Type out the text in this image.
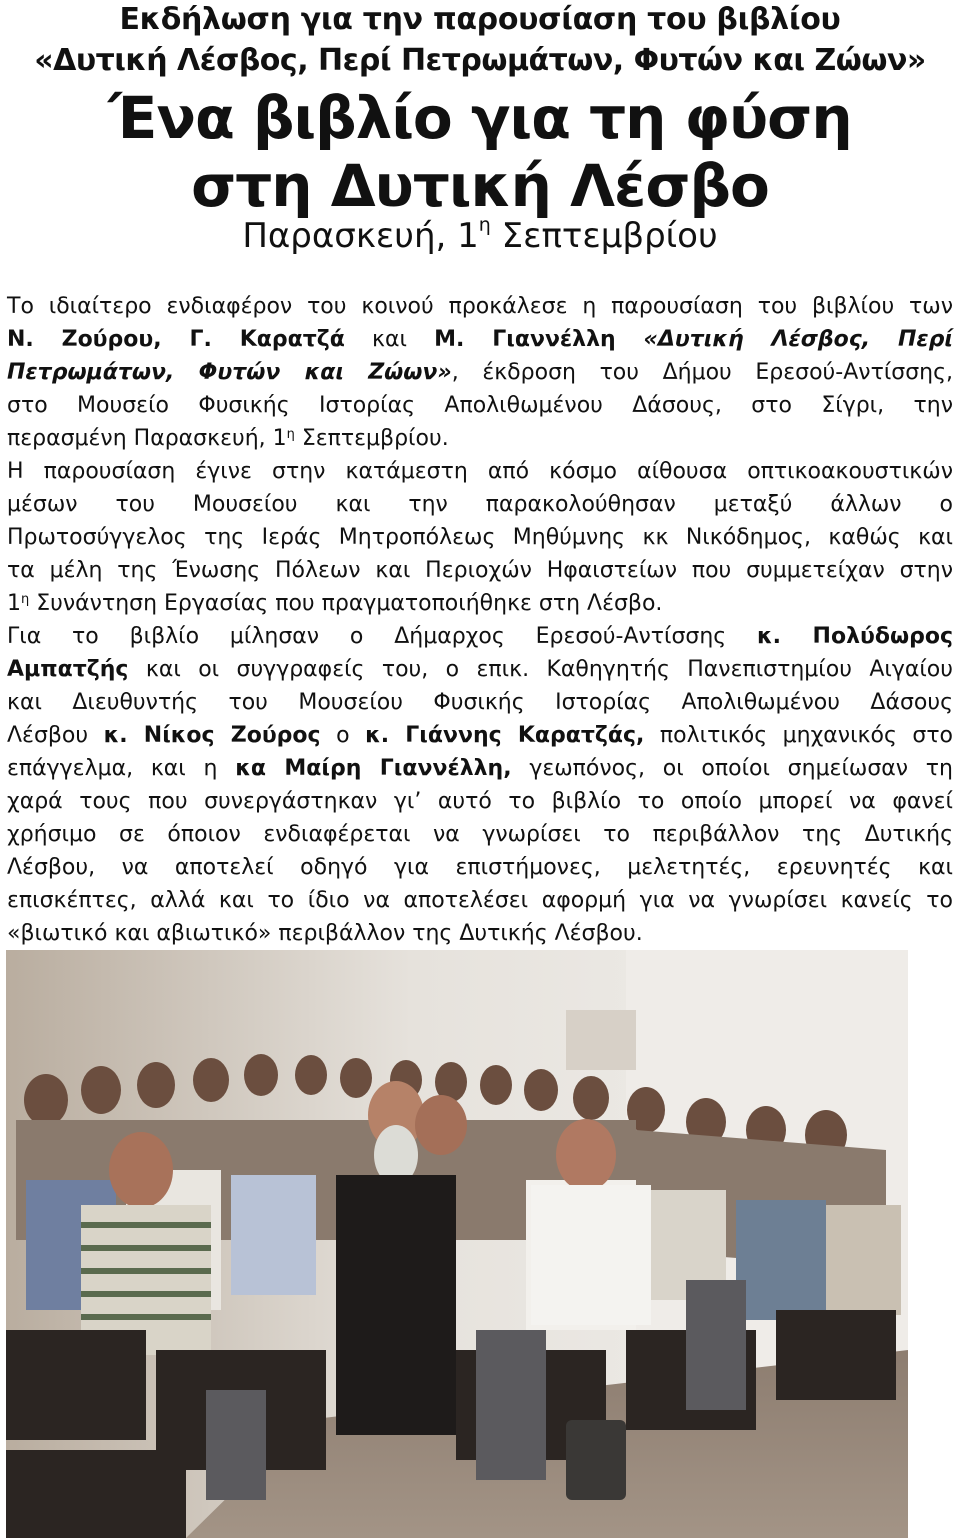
Εκδήλωση για την παρουσίαση του βιβλίου
«Δυτική Λέσβος, Περί Πετρωμάτων, Φυτών και Ζώων»
Ένα βιβλίο για τη φύση
στη Δυτική Λέσβο
Παρασκευή, $1^\eta$ Σεπτεμβρίου
Το ιδιαίτερο ενδιαφέρον του κοινού προκάλεσε η παρουσίαση του βιβλίου των
Ν. Ζούρου, Γ. Καρατζά και Μ. Γιαννέλλη «Δυτική Λέσβος, Περί
Πετρωμάτων, Φυτών και Ζώων», έκδροση του Δήμου Ερεσού-Αντίσσης,
στο Μουσείο Φυσικής Ιστορίας Απολιθωμένου Δάσους, στο Σίγρι, την
περασμένη Παρασκευή, $1^\eta$ Σεπτεμβρίου.
Η παρουσίαση έγινε στην κατάμεστη από κόσμο αίθουσα οπτικοακουστικών
μέσων του Μουσείου και την παρακολούθησαν μεταξύ άλλων ο
Πρωτοσύγγελος της Ιεράς Μητροπόλεως Μηθύμνης κκ Νικόδημος, καθώς και
τα μέλη της Ένωσης Πόλεων και Περιοχών Ηφαιστείων που συμμετείχαν στην
$1^\eta$ Συνάντηση Εργασίας που πραγματοποιήθηκε στη Λέσβο.
Για το βιβλίο μίλησαν ο Δήμαρχος Ερεσού-Αντίσσης κ. Πολύδωρος
Αμπατζής και οι συγγραφείς του, ο επικ. Καθηγητής Πανεπιστημίου Αιγαίου
και Διευθυντής του Μουσείου Φυσικής Ιστορίας Απολιθωμένου Δάσους
Λέσβου κ. Νίκος Ζούρος ο κ. Γιάννης Καρατζάς, πολιτικός μηχανικός στο
επάγγελμα, και η κα Μαίρη Γιαννέλλη, γεωπόνος, οι οποίοι σημείωσαν τη
χαρά τους που συνεργάστηκαν γι’ αυτό το βιβλίο το οποίο μπορεί να φανεί
χρήσιμο σε όποιον ενδιαφέρεται να γνωρίσει το περιβάλλον της Δυτικής
Λέσβου, να αποτελεί οδηγό για επιστήμονες, μελετητές, ερευνητές και
επισκέπτες, αλλά και το ίδιο να αποτελέσει αφορμή για να γνωρίσει κανείς το
«βιωτικό και αβιωτικό» περιβάλλον της Δυτικής Λέσβου.
